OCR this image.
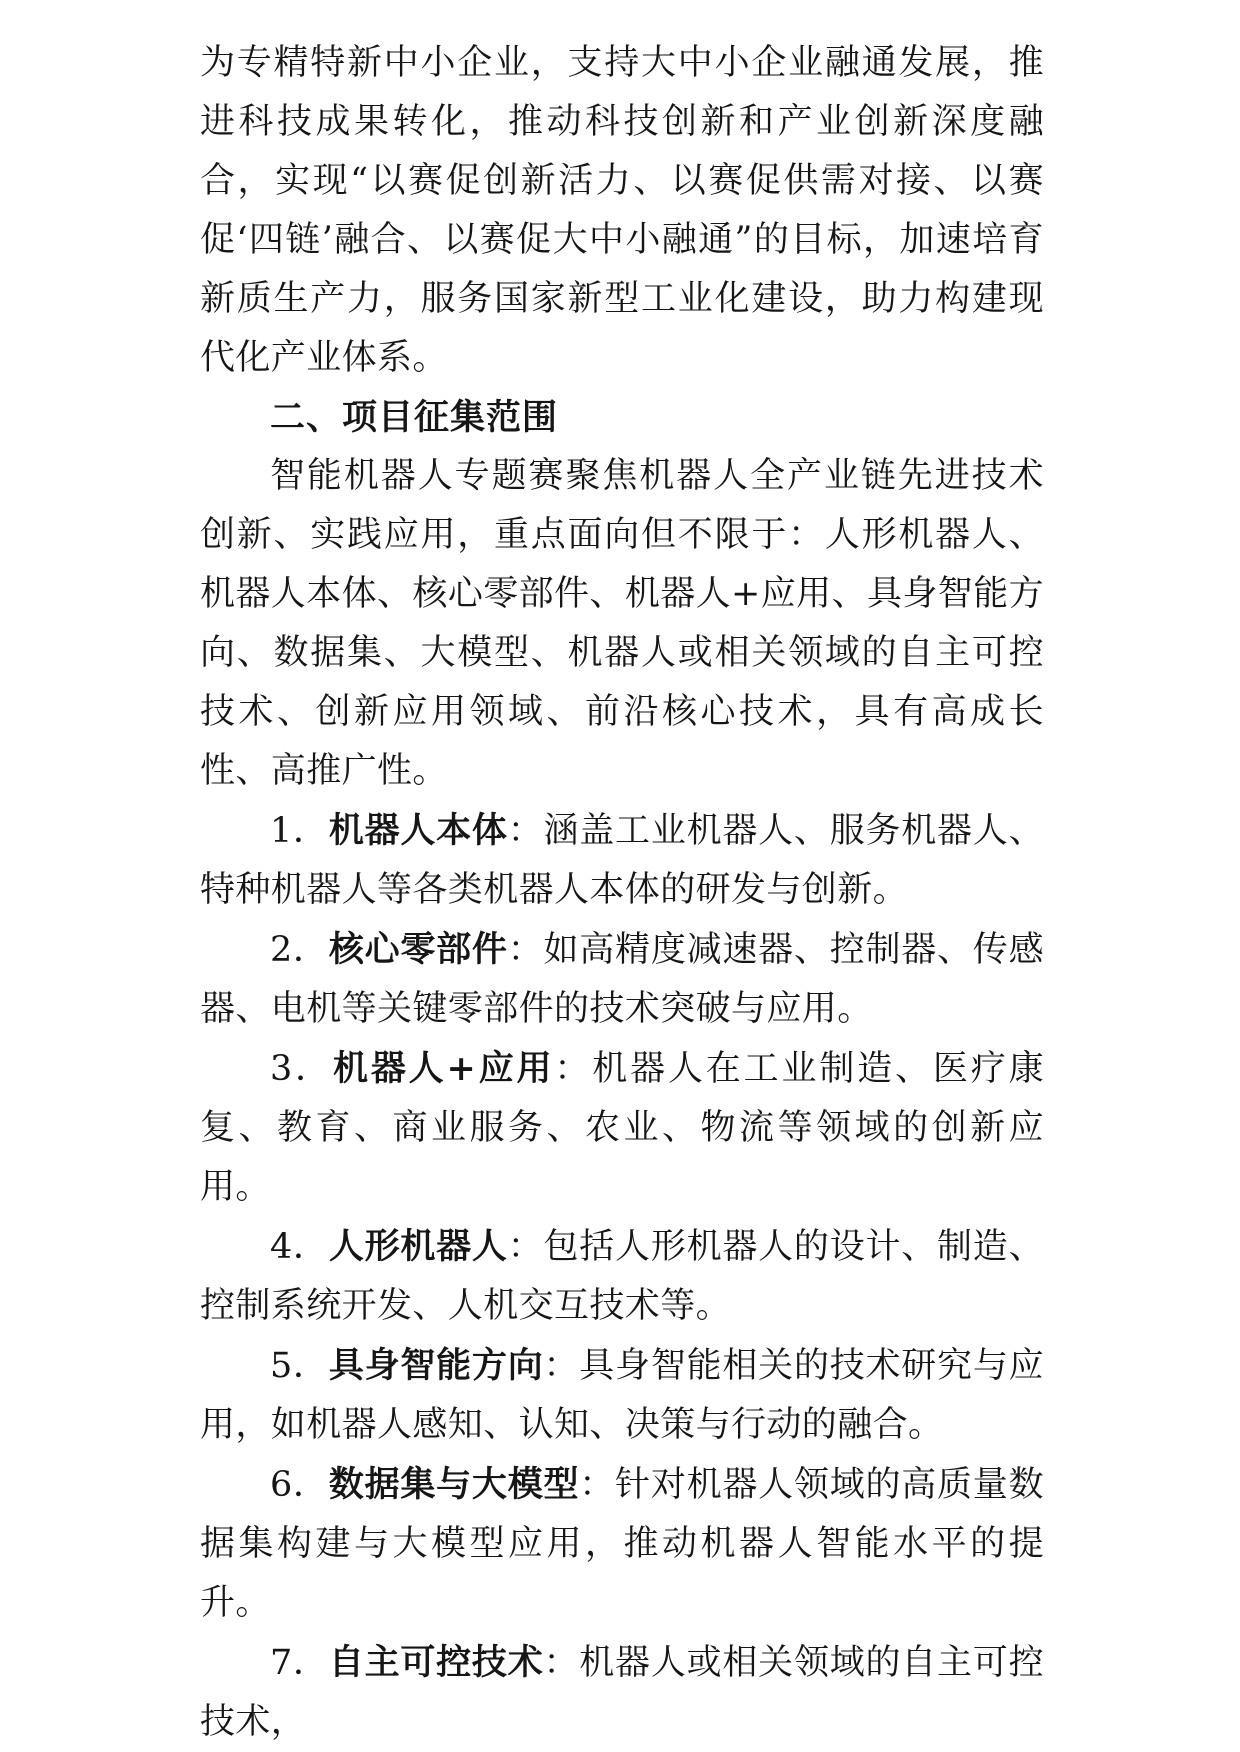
为专精特新中小企业，支持大中小企业融通发展，推进科技成果转化，推动科技创新和产业创新深度融合，实现“以赛促创新活力、以赛促供需对接、以赛促‘四链’融合、以赛促大中小融通”的目标，加速培育新质生产力，服务国家新型工业化建设，助力构建现代化产业体系。

二、项目征集范围

智能机器人专题赛聚焦机器人全产业链先进技术创新、实践应用，重点面向但不限于：人形机器人、机器人本体、核心零部件、机器人+应用、具身智能方向、数据集、大模型、机器人或相关领域的自主可控技术、创新应用领域、前沿核心技术，具有高成长性、高推广性。

1．机器人本体：涵盖工业机器人、服务机器人、特种机器人等各类机器人本体的研发与创新。

2．核心零部件：如高精度减速器、控制器、传感器、电机等关键零部件的技术突破与应用。

3．机器人+应用：机器人在工业制造、医疗康复、教育、商业服务、农业、物流等领域的创新应用。

4．人形机器人：包括人形机器人的设计、制造、控制系统开发、人机交互技术等。

5．具身智能方向：具身智能相关的技术研究与应用，如机器人感知、认知、决策与行动的融合。

6．数据集与大模型：针对机器人领域的高质量数据集构建与大模型应用，推动机器人智能水平的提升。

7．自主可控技术：机器人或相关领域的自主可控技术，
